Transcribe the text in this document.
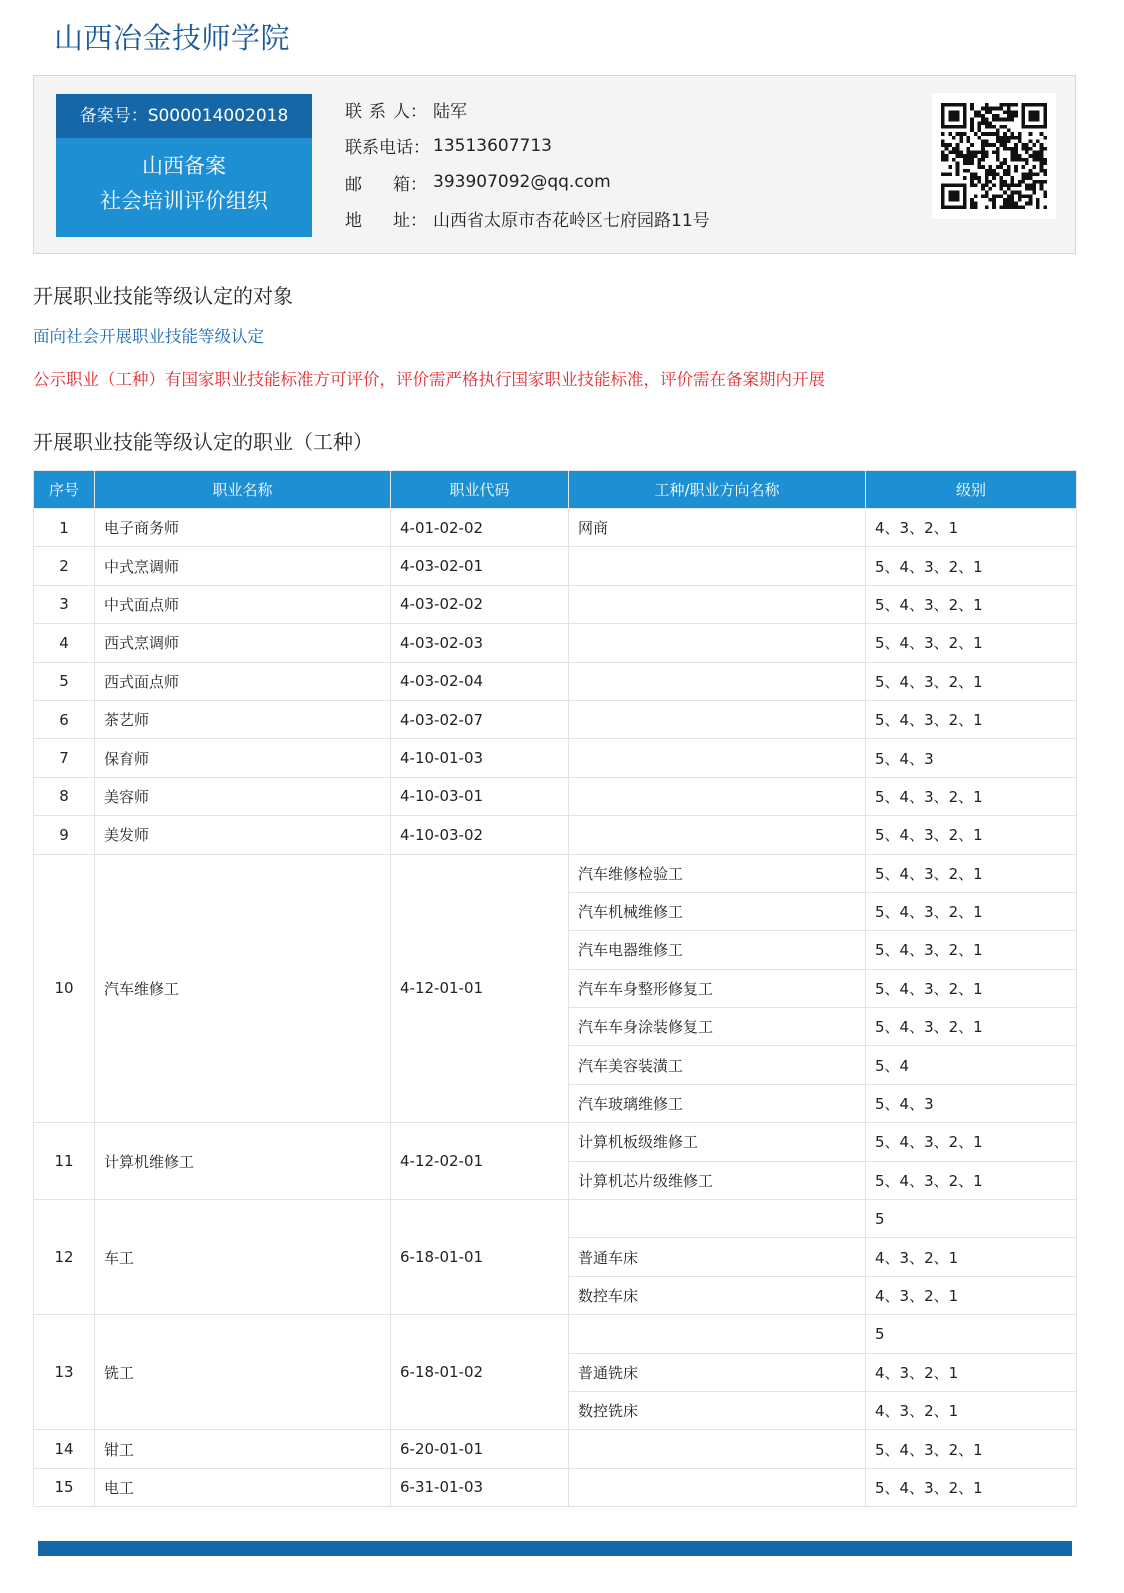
山西冶金技师学院
备案号：S000014002018
山西备案
社会培训评价组织
联 系 人： 陆军
联 系 电 话： 13513607713
邮 箱： 393907092@qq.com
地 址： 山西省太原市杏花岭区七府园路11号
开展职业技能等级认定的对象
面向社会开展职业技能等级认定
公示职业（工种）有国家职业技能标准方可评价，评价需严格执行国家职业技能标准，评价需在备案期内开展
开展职业技能等级认定的职业（工种）
序号	职业名称	职业代码	工种/职业方向名称	级别
1	电子商务师	4-01-02-02	网商	4、3、2、1
2	中式烹调师	4-03-02-01		5、4、3、2、1
3	中式面点师	4-03-02-02		5、4、3、2、1
4	西式烹调师	4-03-02-03		5、4、3、2、1
5	西式面点师	4-03-02-04		5、4、3、2、1
6	茶艺师	4-03-02-07		5、4、3、2、1
7	保育师	4-10-01-03		5、4、3
8	美容师	4-10-03-01		5、4、3、2、1
9	美发师	4-10-03-02		5、4、3、2、1
10	汽车维修工	4-12-01-01	汽车维修检验工	5、4、3、2、1
			汽车机械维修工	5、4、3、2、1
			汽车电器维修工	5、4、3、2、1
			汽车车身整形修复工	5、4、3、2、1
			汽车车身涂装修复工	5、4、3、2、1
			汽车美容装潢工	5、4
			汽车玻璃维修工	5、4、3
11	计算机维修工	4-12-02-01	计算机板级维修工	5、4、3、2、1
			计算机芯片级维修工	5、4、3、2、1
12	车工	6-18-01-01		5
			普通车床	4、3、2、1
			数控车床	4、3、2、1
13	铣工	6-18-01-02		5
			普通铣床	4、3、2、1
			数控铣床	4、3、2、1
14	钳工	6-20-01-01		5、4、3、2、1
15	电工	6-31-01-03		5、4、3、2、1
